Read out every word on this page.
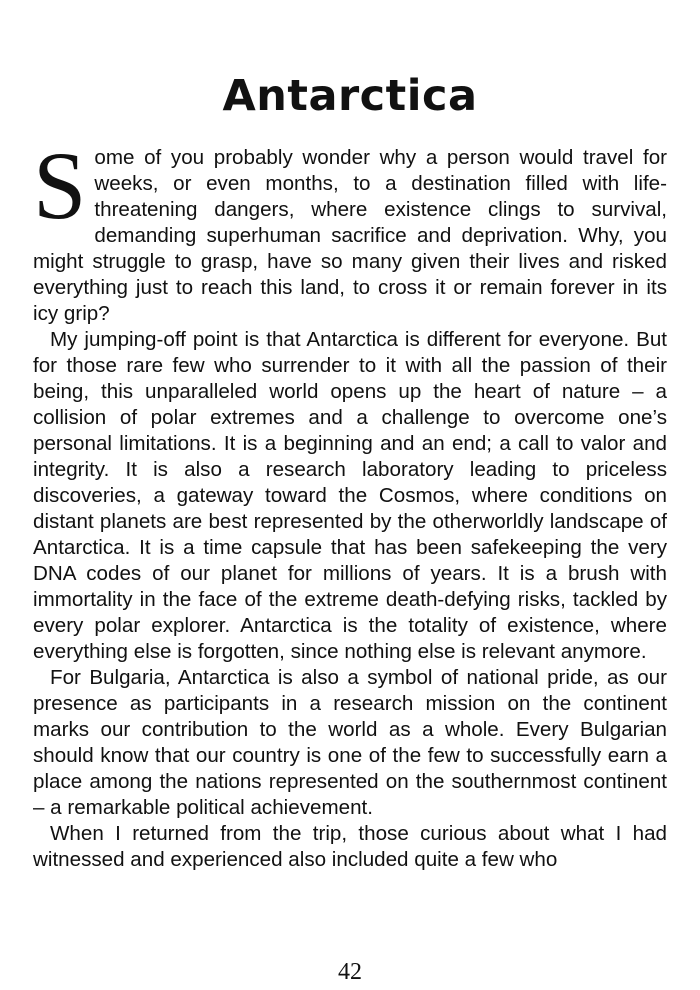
Antarctica

Some of you probably wonder why a person would travel for weeks, or even months, to a destination filled with life-threatening dangers, where existence clings to survival, demanding superhuman sacrifice and deprivation. Why, you might struggle to grasp, have so many given their lives and risked everything just to reach this land, to cross it or remain forever in its icy grip?

My jumping-off point is that Antarctica is different for everyone. But for those rare few who surrender to it with all the passion of their being, this unparalleled world opens up the heart of nature – a collision of polar extremes and a challenge to overcome one’s personal limitations. It is a beginning and an end; a call to valor and integrity. It is also a research laboratory leading to priceless discoveries, a gateway toward the Cosmos, where conditions on distant planets are best represented by the otherworldly landscape of Antarctica. It is a time capsule that has been safekeeping the very DNA codes of our planet for millions of years. It is a brush with immortality in the face of the extreme death-defying risks, tackled by every polar explorer. Antarctica is the totality of existence, where everything else is forgotten, since nothing else is relevant anymore.

For Bulgaria, Antarctica is also a symbol of national pride, as our presence as participants in a research mission on the continent marks our contribution to the world as a whole. Every Bulgarian should know that our country is one of the few to successfully earn a place among the nations represented on the southernmost continent – a remarkable political achievement.

When I returned from the trip, those curious about what I had witnessed and experienced also included quite a few who

42
